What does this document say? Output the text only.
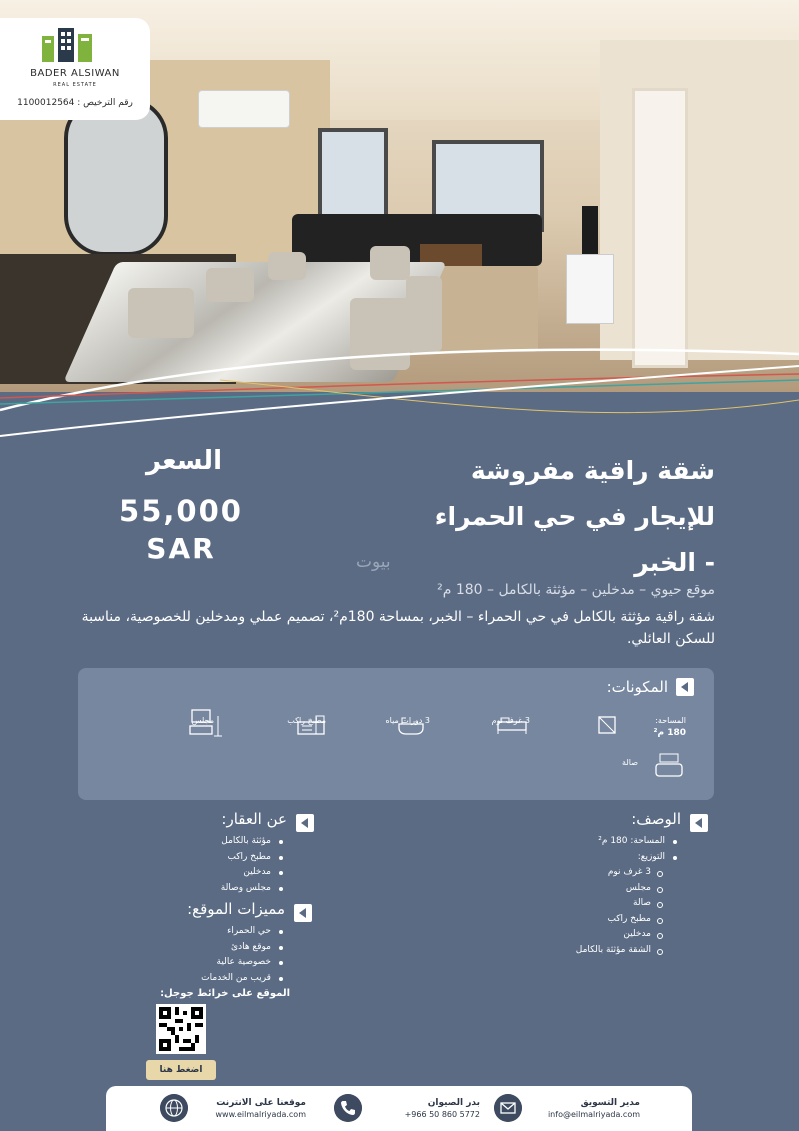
BADER ALSIWAN
REAL ESTATE
رقم الترخيص : 1100012564
شقة راقية مفروشة
للإيجار في حي الحمراء
- الخبر
السعر
55,000
SAR	بيوت
موقع حيوي – مدخلين – مؤثثة بالكامل – 180 م²
شقة راقية مؤثثة بالكامل في حي الحمراء – الخبر، بمساحة 180م²، تصميم عملي ومدخلين للخصوصية، مناسبة للسكن العائلي.
المكونات:
المساحة:
180 م²
3 غرف نوم
3 دورات مياه
مطبخ راكب
مجلس
صالة
الوصف:
المساحة: 180 م²
التوزيع:
3 غرف نوم
مجلس
صالة
مطبخ راكب
مدخلين
الشقة مؤثثة بالكامل
عن العقار:
مؤثثة بالكامل
مطبخ راكب
مدخلين
مجلس وصالة
مميزات الموقع:
حي الحمراء
موقع هادئ
خصوصية عالية
قريب من الخدمات
الموقع على خرائط جوجل:
اضغط هنا
موقعنا على الانترنت
www.eilmalriyada.com
بدر الصيوان
+966 50 860 5772
مدير التسويق
info@eilmalriyada.com
